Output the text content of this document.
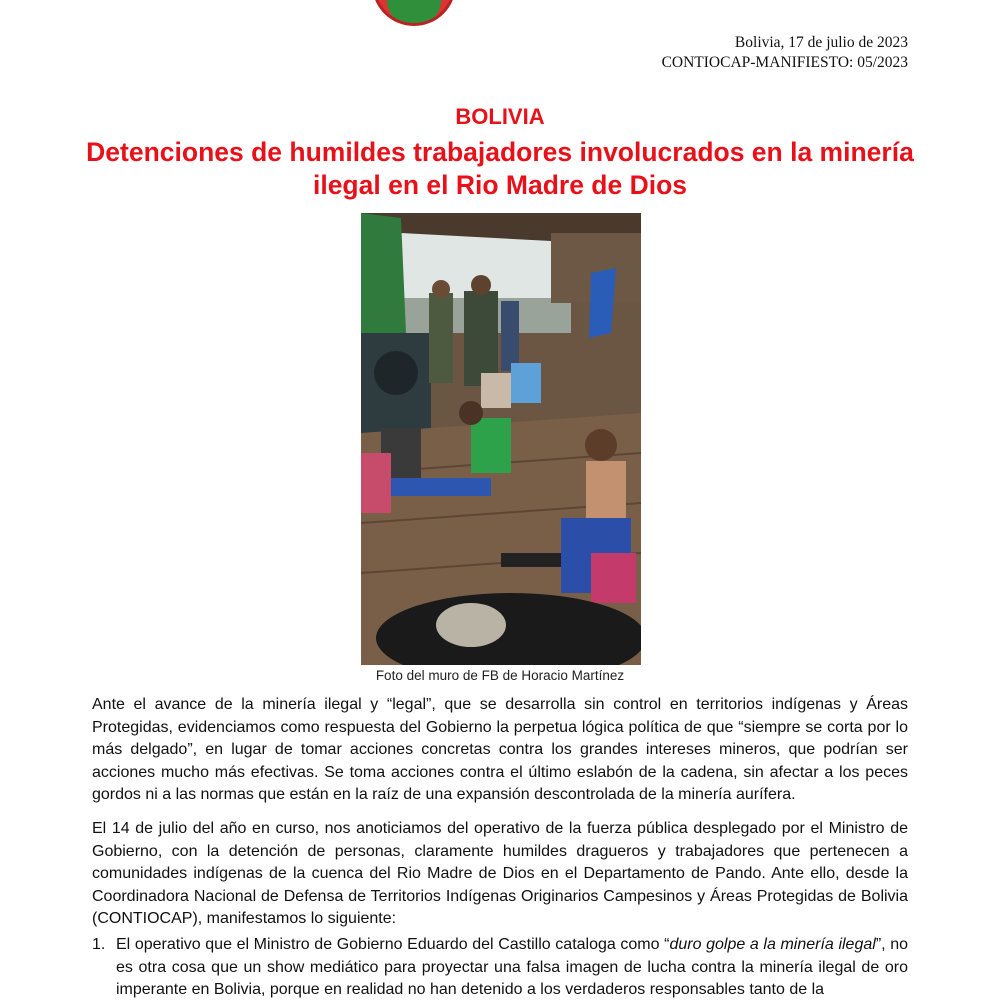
Bolivia, 17 de julio de 2023
CONTIOCAP-MANIFIESTO: 05/2023
BOLIVIA
Detenciones de humildes trabajadores involucrados en la minería ilegal en el Rio Madre de Dios
Foto del muro de FB de Horacio Martínez

Ante el avance de la minería ilegal y “legal”, que se desarrolla sin control en territorios indígenas y Áreas Protegidas, evidenciamos como respuesta del Gobierno la perpetua lógica política de que “siempre se corta por lo más delgado”, en lugar de tomar acciones concretas contra los grandes intereses mineros, que podrían ser acciones mucho más efectivas. Se toma acciones contra el último eslabón de la cadena, sin afectar a los peces gordos ni a las normas que están en la raíz de una expansión descontrolada de la minería aurífera.

El 14 de julio del año en curso, nos anoticiamos del operativo de la fuerza pública desplegado por el Ministro de Gobierno, con la detención de personas, claramente humildes dragueros y trabajadores que pertenecen a comunidades indígenas de la cuenca del Rio Madre de Dios en el Departamento de Pando. Ante ello, desde la Coordinadora Nacional de Defensa de Territorios Indígenas Originarios Campesinos y Áreas Protegidas de Bolivia (CONTIOCAP), manifestamos lo siguiente:

1. El operativo que el Ministro de Gobierno Eduardo del Castillo cataloga como “duro golpe a la minería ilegal”, no es otra cosa que un show mediático para proyectar una falsa imagen de lucha contra la minería ilegal de oro imperante en Bolivia, porque en realidad no han detenido a los verdaderos responsables tanto de la
